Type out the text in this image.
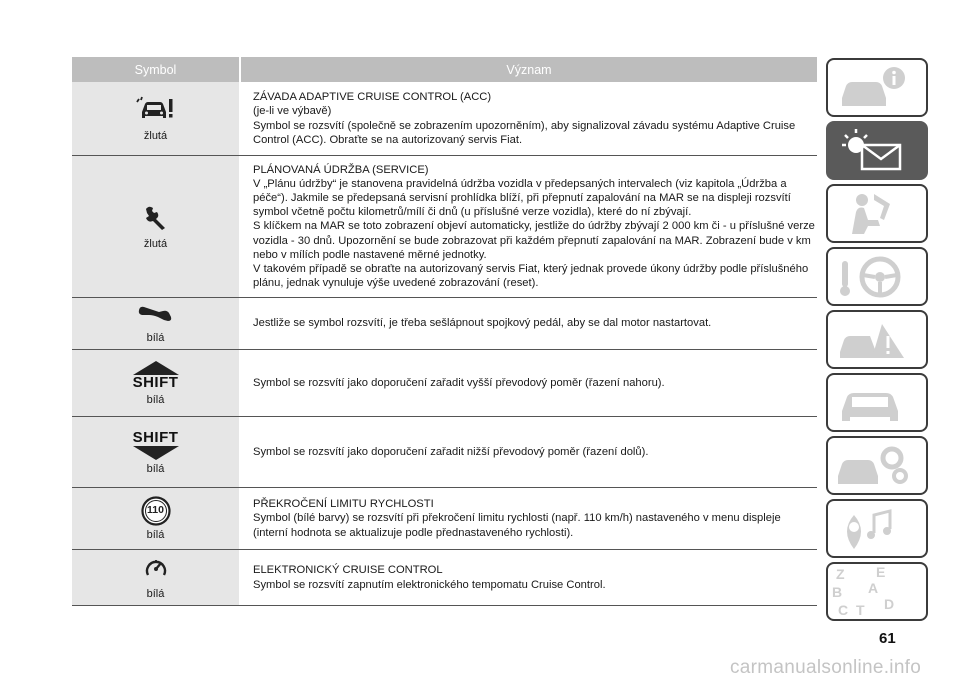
Symbol	Význam
žlutá

ZÁVADA ADAPTIVE CRUISE CONTROL (ACC)

(je-li ve výbavě)

Symbol se rozsvítí (společně se zobrazením upozorněním), aby signalizoval závadu systému Adaptive Cruise Control (ACC). Obraťte se na autorizovaný servis Fiat.

žlutá

PLÁNOVANÁ ÚDRŽBA (SERVICE)

V „Plánu údržby“ je stanovena pravidelná údržba vozidla v předepsaných intervalech (viz kapitola „Údržba a péče“). Jakmile se předepsaná servisní prohlídka blíží, při přepnutí zapalování na MAR se na displeji rozsvítí symbol včetně počtu kilometrů/mílí či dnů (u příslušné verze vozidla), které do ní zbývají.

S klíčkem na MAR se toto zobrazení objeví automaticky, jestliže do údržby zbývají 2 000 km či - u příslušné verze vozidla - 30 dnů. Upozornění se bude zobrazovat při každém přepnutí zapalování na MAR. Zobrazení bude v km nebo v mílích podle nastavené měrné jednotky.

V takovém případě se obraťte na autorizovaný servis Fiat, který jednak provede úkony údržby podle příslušného plánu, jednak vynuluje výše uvedené zobrazování (reset).

bílá

Jestliže se symbol rozsvítí, je třeba sešlápnout spojkový pedál, aby se dal motor nastartovat.

SHIFT
bílá

Symbol se rozsvítí jako doporučení zařadit vyšší převodový poměr (řazení nahoru).

SHIFT
bílá

Symbol se rozsvítí jako doporučení zařadit nižší převodový poměr (řazení dolů).

110
bílá

PŘEKROČENÍ LIMITU RYCHLOSTI

Symbol (bílé barvy) se rozsvítí při překročení limitu rychlosti (např. 110 km/h) nastaveného v menu displeje (interní hodnota se aktualizuje podle přednastaveného rychlosti).

bílá

ELEKTRONICKÝ CRUISE CONTROL

Symbol se rozsvítí zapnutím elektronického tempomatu Cruise Control.

Z E
B A
C T D
61
carmanualsonline.info
